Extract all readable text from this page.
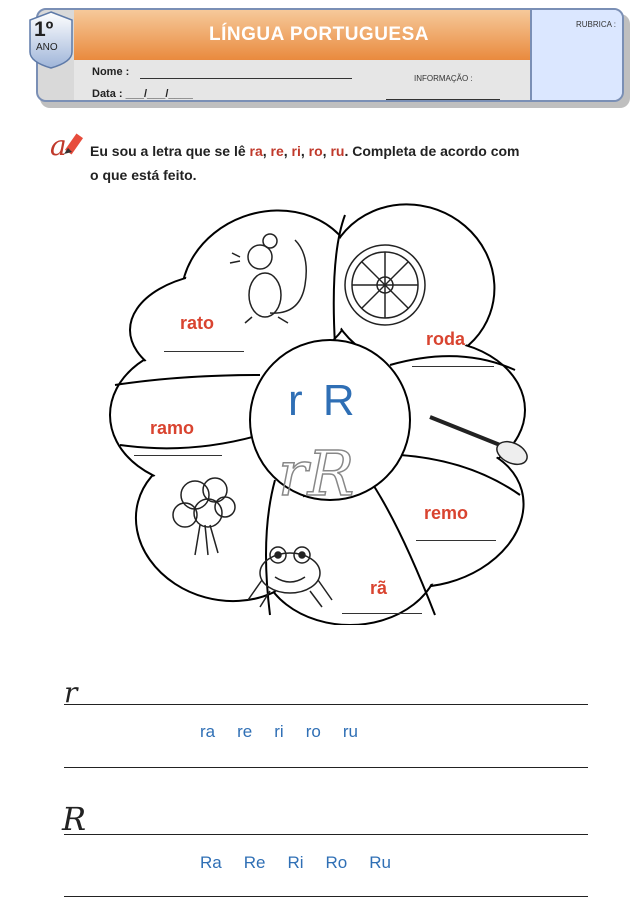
LÍNGUA PORTUGUESA	RUBRICA :
1º
ANO
Nome :
Data : ___/___/____
INFORMAÇÃO :
a Eu sou a letra que se lê ra, re, ri, ro, ru. Completa de acordo com
o que está feito.
rR
r R
rato
roda
ramo
remo
rã
r
ra re ri ro ru
R
Ra Re Ri Ro Ru
